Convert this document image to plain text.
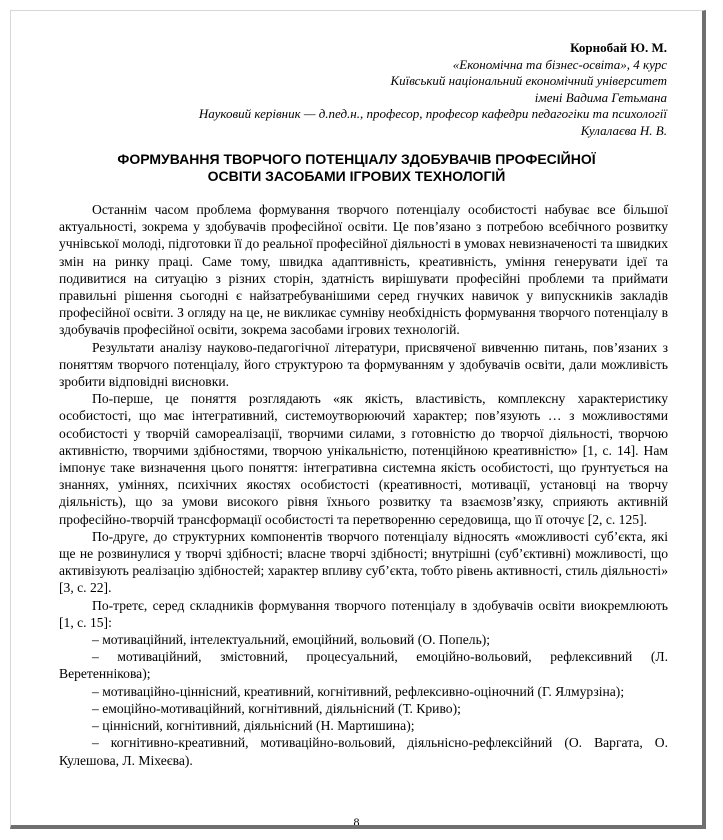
Корнобай Ю. М.
«Економічна та бізнес-освіта», 4 курс
Київський національний економічний університет
імені Вадима Гетьмана
Науковий керівник — д.пед.н., професор, професор кафедри педагогіки та психології
Кулалаєва Н. В.
ФОРМУВАННЯ ТВОРЧОГО ПОТЕНЦІАЛУ ЗДОБУВАЧІВ ПРОФЕСІЙНОЇ
ОСВІТИ ЗАСОБАМИ ІГРОВИХ ТЕХНОЛОГІЙ

Останнім часом проблема формування творчого потенціалу особистості набуває все більшої актуальності, зокрема у здобувачів професійної освіти. Це пов’язано з потребою всебічного розвитку учнівської молоді, підготовки її до реальної професійної діяльності в умовах невизначеності та швидких змін на ринку праці. Саме тому, швидка адаптивність, креативність, уміння генерувати ідеї та подивитися на ситуацію з різних сторін, здатність вирішувати професійні проблеми та приймати правильні рішення сьогодні є найзатребуванішими серед гнучких навичок у випускників закладів професійної освіти. З огляду на це, не викликає сумніву необхідність формування творчого потенціалу в здобувачів професійної освіти, зокрема засобами ігрових технологій.

Результати аналізу науково-педагогічної літератури, присвяченої вивченню питань, пов’язаних з поняттям творчого потенціалу, його структурою та формуванням у здобувачів освіти, дали можливість зробити відповідні висновки.

По-перше, це поняття розглядають «як якість, властивість, комплексну характеристику особистості, що має інтегративний, системоутворюючий характер; пов’язують … з можливостями особистості у творчій самореалізації, творчими силами, з готовністю до творчої діяльності, творчою активністю, творчими здібностями, творчою унікальністю, потенційною креативністю» [1, с. 14]. Нам імпонує таке визначення цього поняття: інтегративна системна якість особистості, що ґрунтується на знаннях, уміннях, психічних якостях особистості (креативності, мотивації, установці на творчу діяльність), що за умови високого рівня їхнього розвитку та взаємозв’язку, сприяють активній професійно-творчій трансформації особистості та перетворенню середовища, що її оточує [2, с. 125].

По-друге, до структурних компонентів творчого потенціалу відносять «можливості суб’єкта, які ще не розвинулися у творчі здібності; власне творчі здібності; внутрішні (суб’єктивні) можливості, що активізують реалізацію здібностей; характер впливу суб’єкта, тобто рівень активності, стиль діяльності» [3, с. 22].

По-третє, серед складників формування творчого потенціалу в здобувачів освіти виокремлюють [1, с. 15]:

– мотиваційний, інтелектуальний, емоційний, вольовий (О. Попель);

– мотиваційний, змістовний, процесуальний, емоційно-вольовий, рефлексивний (Л. Веретеннікова);

– мотиваційно-ціннісний, креативний, когнітивний, рефлексивно-оціночний (Г. Ялмурзіна);

– емоційно-мотиваційний, когнітивний, діяльнісний (Т. Криво);

– ціннісний, когнітивний, діяльнісний (Н. Мартишина);

– когнітивно-креативний, мотиваційно-вольовий, діяльнісно-рефлексійний (О. Варгата, О. Кулешова, Л. Міхеєва).

8
